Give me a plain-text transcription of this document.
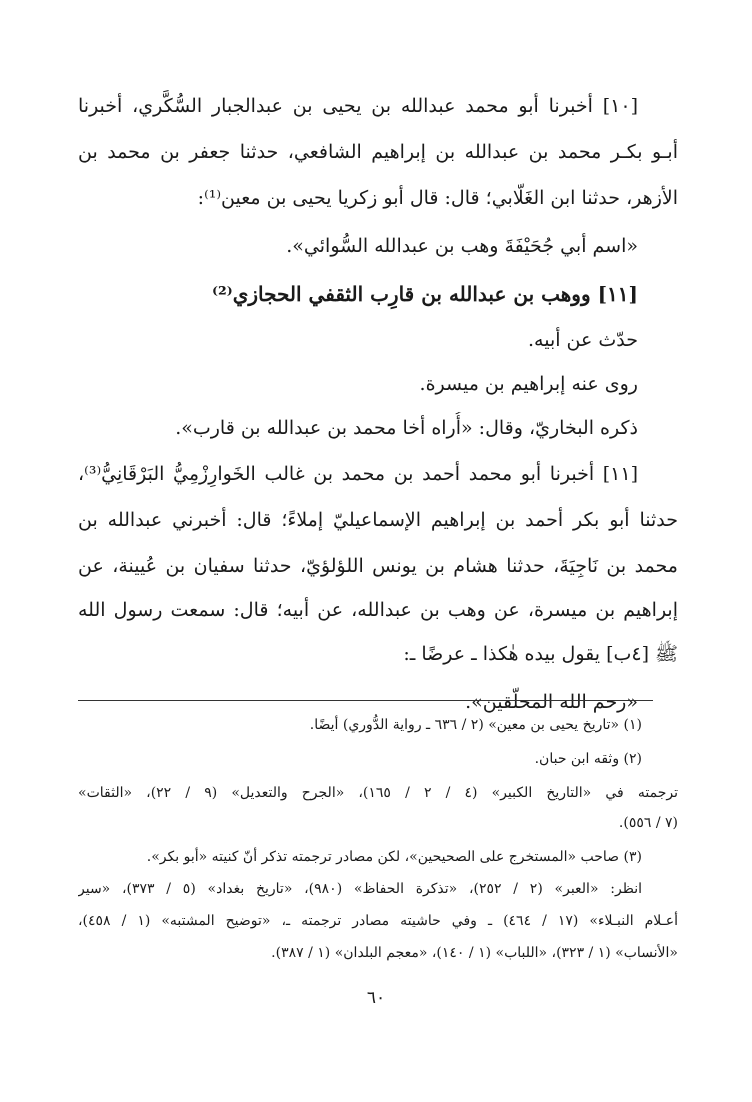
[١٠] أخبرنا أبو محمد عبدالله بن يحيى بن عبدالجبار السُّكَّري، أخبرنا
أبـو بكـر محمد بن عبدالله بن إبراهيم الشافعي، حدثنا جعفر بن محمد بن
الأزهر، حدثنا ابن الغَلّابي؛ قال: قال أبو زكريا يحيى بن معين⁽¹⁾:
«اسم أبي جُحَيْفَةَ وهب بن عبدالله السُّوائي».
[١١] ووهب بن عبدالله بن قارِب الثقفي الحجازي⁽²⁾
حدّث عن أبيه.
روى عنه إبراهيم بن ميسرة.
ذكره البخاريّ، وقال: «أُراه أخا محمد بن عبدالله بن قارب».
[١١] أخبرنا أبو محمد أحمد بن محمد بن غالب الخَوارِزْمِيُّ البَرْقَانِيُّ⁽³⁾،
حدثنا أبو بكر أحمد بن إبراهيم الإسماعيليّ إملاءً؛ قال: أخبرني عبدالله بن
محمد بن نَاجِيَةَ، حدثنا هشام بن يونس اللؤلؤيّ، حدثنا سفيان بن عُيينة، عن
إبراهيم بن ميسرة، عن وهب بن عبدالله، عن أبيه؛ قال: سمعت رسول الله
ﷺ [٤ب] يقول بيده هٰكذا ـ عرضًا ـ:
«رحم الله المحلّقين».
(١) «تاريخ يحيى بن معين» (٢ / ٦٣٦ ـ رواية الدُّوري) أيضًا.
(٢) وثقه ابن حبان.
ترجمته في «التاريخ الكبير» (٤ / ٢ / ١٦٥)، «الجرح والتعديل» (٩ / ٢٢)، «الثقات»
(٧ / ٥٥٦).
(٣) صاحب «المستخرج على الصحيحين»، لكن مصادر ترجمته تذكر أنّ كنيته «أبو بكر».
انظر: «العبر» (٢ / ٢٥٢)، «تذكرة الحفاظ» (٩٨٠)، «تاريخ بغداد» (٥ / ٣٧٣)، «سير
أعـلام النبـلاء» (١٧ / ٤٦٤) ـ وفي حاشيته مصادر ترجمته ـ، «توضيح المشتبه» (١ / ٤٥٨)،
«الأنساب» (١ / ٣٢٣)، «اللباب» (١ / ١٤٠)، «معجم البلدان» (١ / ٣٨٧).
٦٠
